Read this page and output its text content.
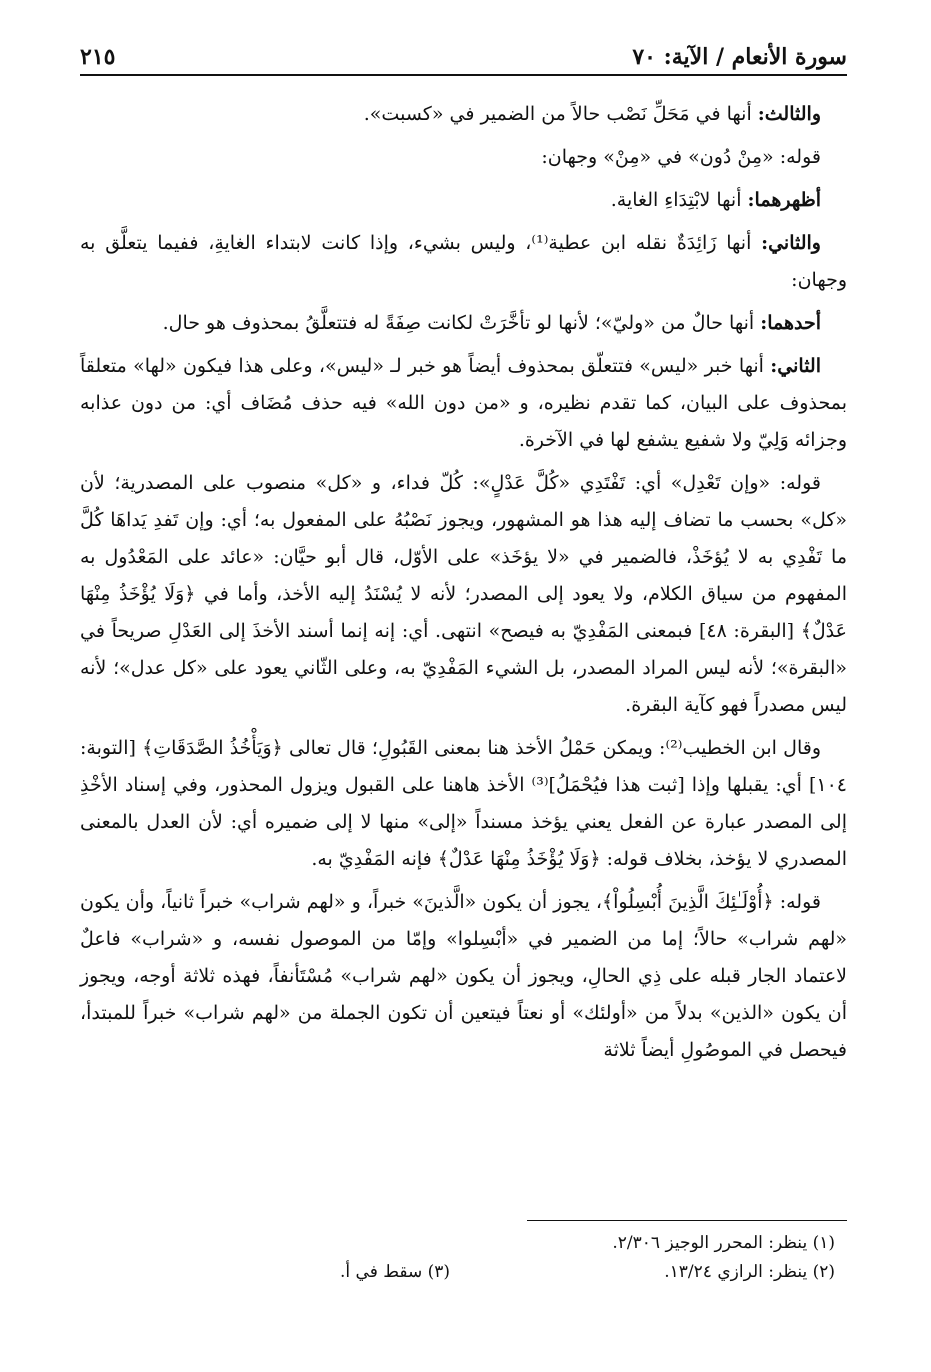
سورة الأنعام / الآية: ٧٠
٢١٥

والثالث: أنها في مَحَلِّ نَصْب حالاً من الضمير في «كسبت».

قوله: «مِنْ دُون» في «مِنْ» وجهان:

أظهرهما: أنها لابْتِدَاءِ الغاية.

والثاني: أنها زَائِدَةٌ نقله ابن عطية⁽¹⁾، وليس بشيء، وإذا كانت لابتداء الغايةِ، ففيما يتعلَّق به وجهان:

أحدهما: أنها حالٌ من «وليّ»؛ لأنها لو تأخَّرَتْ لكانت صِفَةً له فتتعلَّقُ بمحذوف هو حال.

الثاني: أنها خبر «ليس» فتتعلّق بمحذوف أيضاً هو خبر لـ «ليس»، وعلى هذا فيكون «لها» متعلقاً بمحذوف على البيان، كما تقدم نظيره، و «من دون الله» فيه حذف مُضَاف أي: من دون عذابه وجزائه وَلِيّ ولا شفيع يشفع لها في الآخرة.

قوله: «وإن تَعْدِل» أي: تَفْتَدِي «كُلَّ عَدْلٍ»: كُلّ فداء، و «كل» منصوب على المصدرية؛ لأن «كل» بحسب ما تضاف إليه هذا هو المشهور، ويجوز نَصْبُهُ على المفعول به؛ أي: وإن تَفدِ يَداهَا كُلَّ ما تَفْدِي به لا يُؤخَذْ، فالضمير في «لا يؤخَذ» على الأوّل، قال أبو حيَّان: «عائد على المَعْدُول به المفهوم من سياق الكلام، ولا يعود إلى المصدر؛ لأنه لا يُسْنَدُ إليه الأخذ، وأما في ﴿وَلَا يُؤْخَذُ مِنْهَا عَدْلٌ﴾ [البقرة: ٤٨] فبمعنى المَفْدِيّ به فيصح» انتهى. أي: إنه إنما أسند الأخذَ إلى العَدْلِ صريحاً في «البقرة»؛ لأنه ليس المراد المصدر، بل الشيء المَفْدِيّ به، وعلى الثّاني يعود على «كل عدل»؛ لأنه ليس مصدراً فهو كآية البقرة.

وقال ابن الخطيب⁽²⁾: ويمكن حَمْلُ الأخذ هنا بمعنى القَبُولِ؛ قال تعالى ﴿وَيَأْخُذُ الصَّدَقَاتِ﴾ [التوبة: ١٠٤] أي: يقبلها وإذا [ثبت هذا فيُحْمَلُ]⁽³⁾ الأخذ هاهنا على القبول ويزول المحذور، وفي إسناد الأخْذِ إلى المصدر عبارة عن الفعل يعني يؤخذ مسنداً «إلى» منها لا إلى ضميره أي: لأن العدل بالمعنى المصدري لا يؤخذ، بخلاف قوله: ﴿وَلَا يُؤْخَذُ مِنْهَا عَدْلٌ﴾ فإنه المَفْدِيّ به.

قوله: ﴿أُوْلَـٰئِكَ الَّذِينَ أُبْسِلُواْ﴾، يجوز أن يكون «الَّذينَ» خبراً، و «لهم شراب» خبراً ثانياً، وأن يكون «لهم شراب» حالاً؛ إما من الضمير في «أبْسِلوا» وإمّا من الموصول نفسه، و «شراب» فاعلٌ لاعتماد الجار قبله على ذِي الحالِ، ويجوز أن يكون «لهم شراب» مُسْتَأنفاً، فهذه ثلاثة أوجه، ويجوز أن يكون «الذين» بدلاً من «أولئك» أو نعتاً فيتعين أن تكون الجملة من «لهم شراب» خبراً للمبتدأ، فيحصل في الموصُولِ أيضاً ثلاثة

(١) ينظر: المحرر الوجيز ٢/٣٠٦.
(٢) ينظر: الرازي ١٣/٢٤.
(٣) سقط في أ.
